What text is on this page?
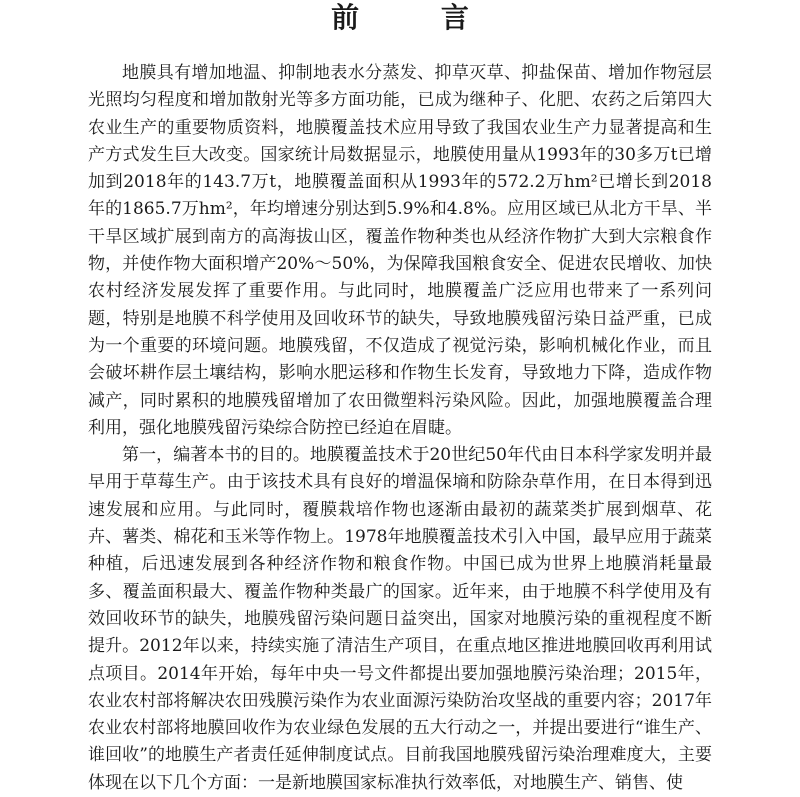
前 言

地膜具有增加地温、抑制地表水分蒸发、抑草灭草、抑盐保苗、增加作物冠层光照均匀程度和增加散射光等多方面功能，已成为继种子、化肥、农药之后第四大农业生产的重要物质资料，地膜覆盖技术应用导致了我国农业生产力显著提高和生产方式发生巨大改变。国家统计局数据显示，地膜使用量从1993年的30多万t已增加到2018年的143.7万t，地膜覆盖面积从1993年的572.2万hm²已增长到2018年的1865.7万hm²，年均增速分别达到5.9%和4.8%。应用区域已从北方干旱、半干旱区域扩展到南方的高海拔山区，覆盖作物种类也从经济作物扩大到大宗粮食作物，并使作物大面积增产20%～50%，为保障我国粮食安全、促进农民增收、加快农村经济发展发挥了重要作用。与此同时，地膜覆盖广泛应用也带来了一系列问题，特别是地膜不科学使用及回收环节的缺失，导致地膜残留污染日益严重，已成为一个重要的环境问题。地膜残留，不仅造成了视觉污染，影响机械化作业，而且会破坏耕作层土壤结构，影响水肥运移和作物生长发育，导致地力下降，造成作物减产，同时累积的地膜残留增加了农田微塑料污染风险。因此，加强地膜覆盖合理利用，强化地膜残留污染综合防控已经迫在眉睫。

第一，编著本书的目的。地膜覆盖技术于20世纪50年代由日本科学家发明并最早用于草莓生产。由于该技术具有良好的增温保墒和防除杂草作用，在日本得到迅速发展和应用。与此同时，覆膜栽培作物也逐渐由最初的蔬菜类扩展到烟草、花卉、薯类、棉花和玉米等作物上。1978年地膜覆盖技术引入中国，最早应用于蔬菜种植，后迅速发展到各种经济作物和粮食作物。中国已成为世界上地膜消耗量最多、覆盖面积最大、覆盖作物种类最广的国家。近年来，由于地膜不科学使用及有效回收环节的缺失，地膜残留污染问题日益突出，国家对地膜污染的重视程度不断提升。2012年以来，持续实施了清洁生产项目，在重点地区推进地膜回收再利用试点项目。2014年开始，每年中央一号文件都提出要加强地膜污染治理；2015年，农业农村部将解决农田残膜污染作为农业面源污染防治攻坚战的重要内容；2017年农业农村部将地膜回收作为农业绿色发展的五大行动之一，并提出要进行“谁生产、谁回收”的地膜生产者责任延伸制度试点。目前我国地膜残留污染治理难度大，主要体现在以下几个方面：一是新地膜国家标准执行效率低，对地膜生产、销售、使
